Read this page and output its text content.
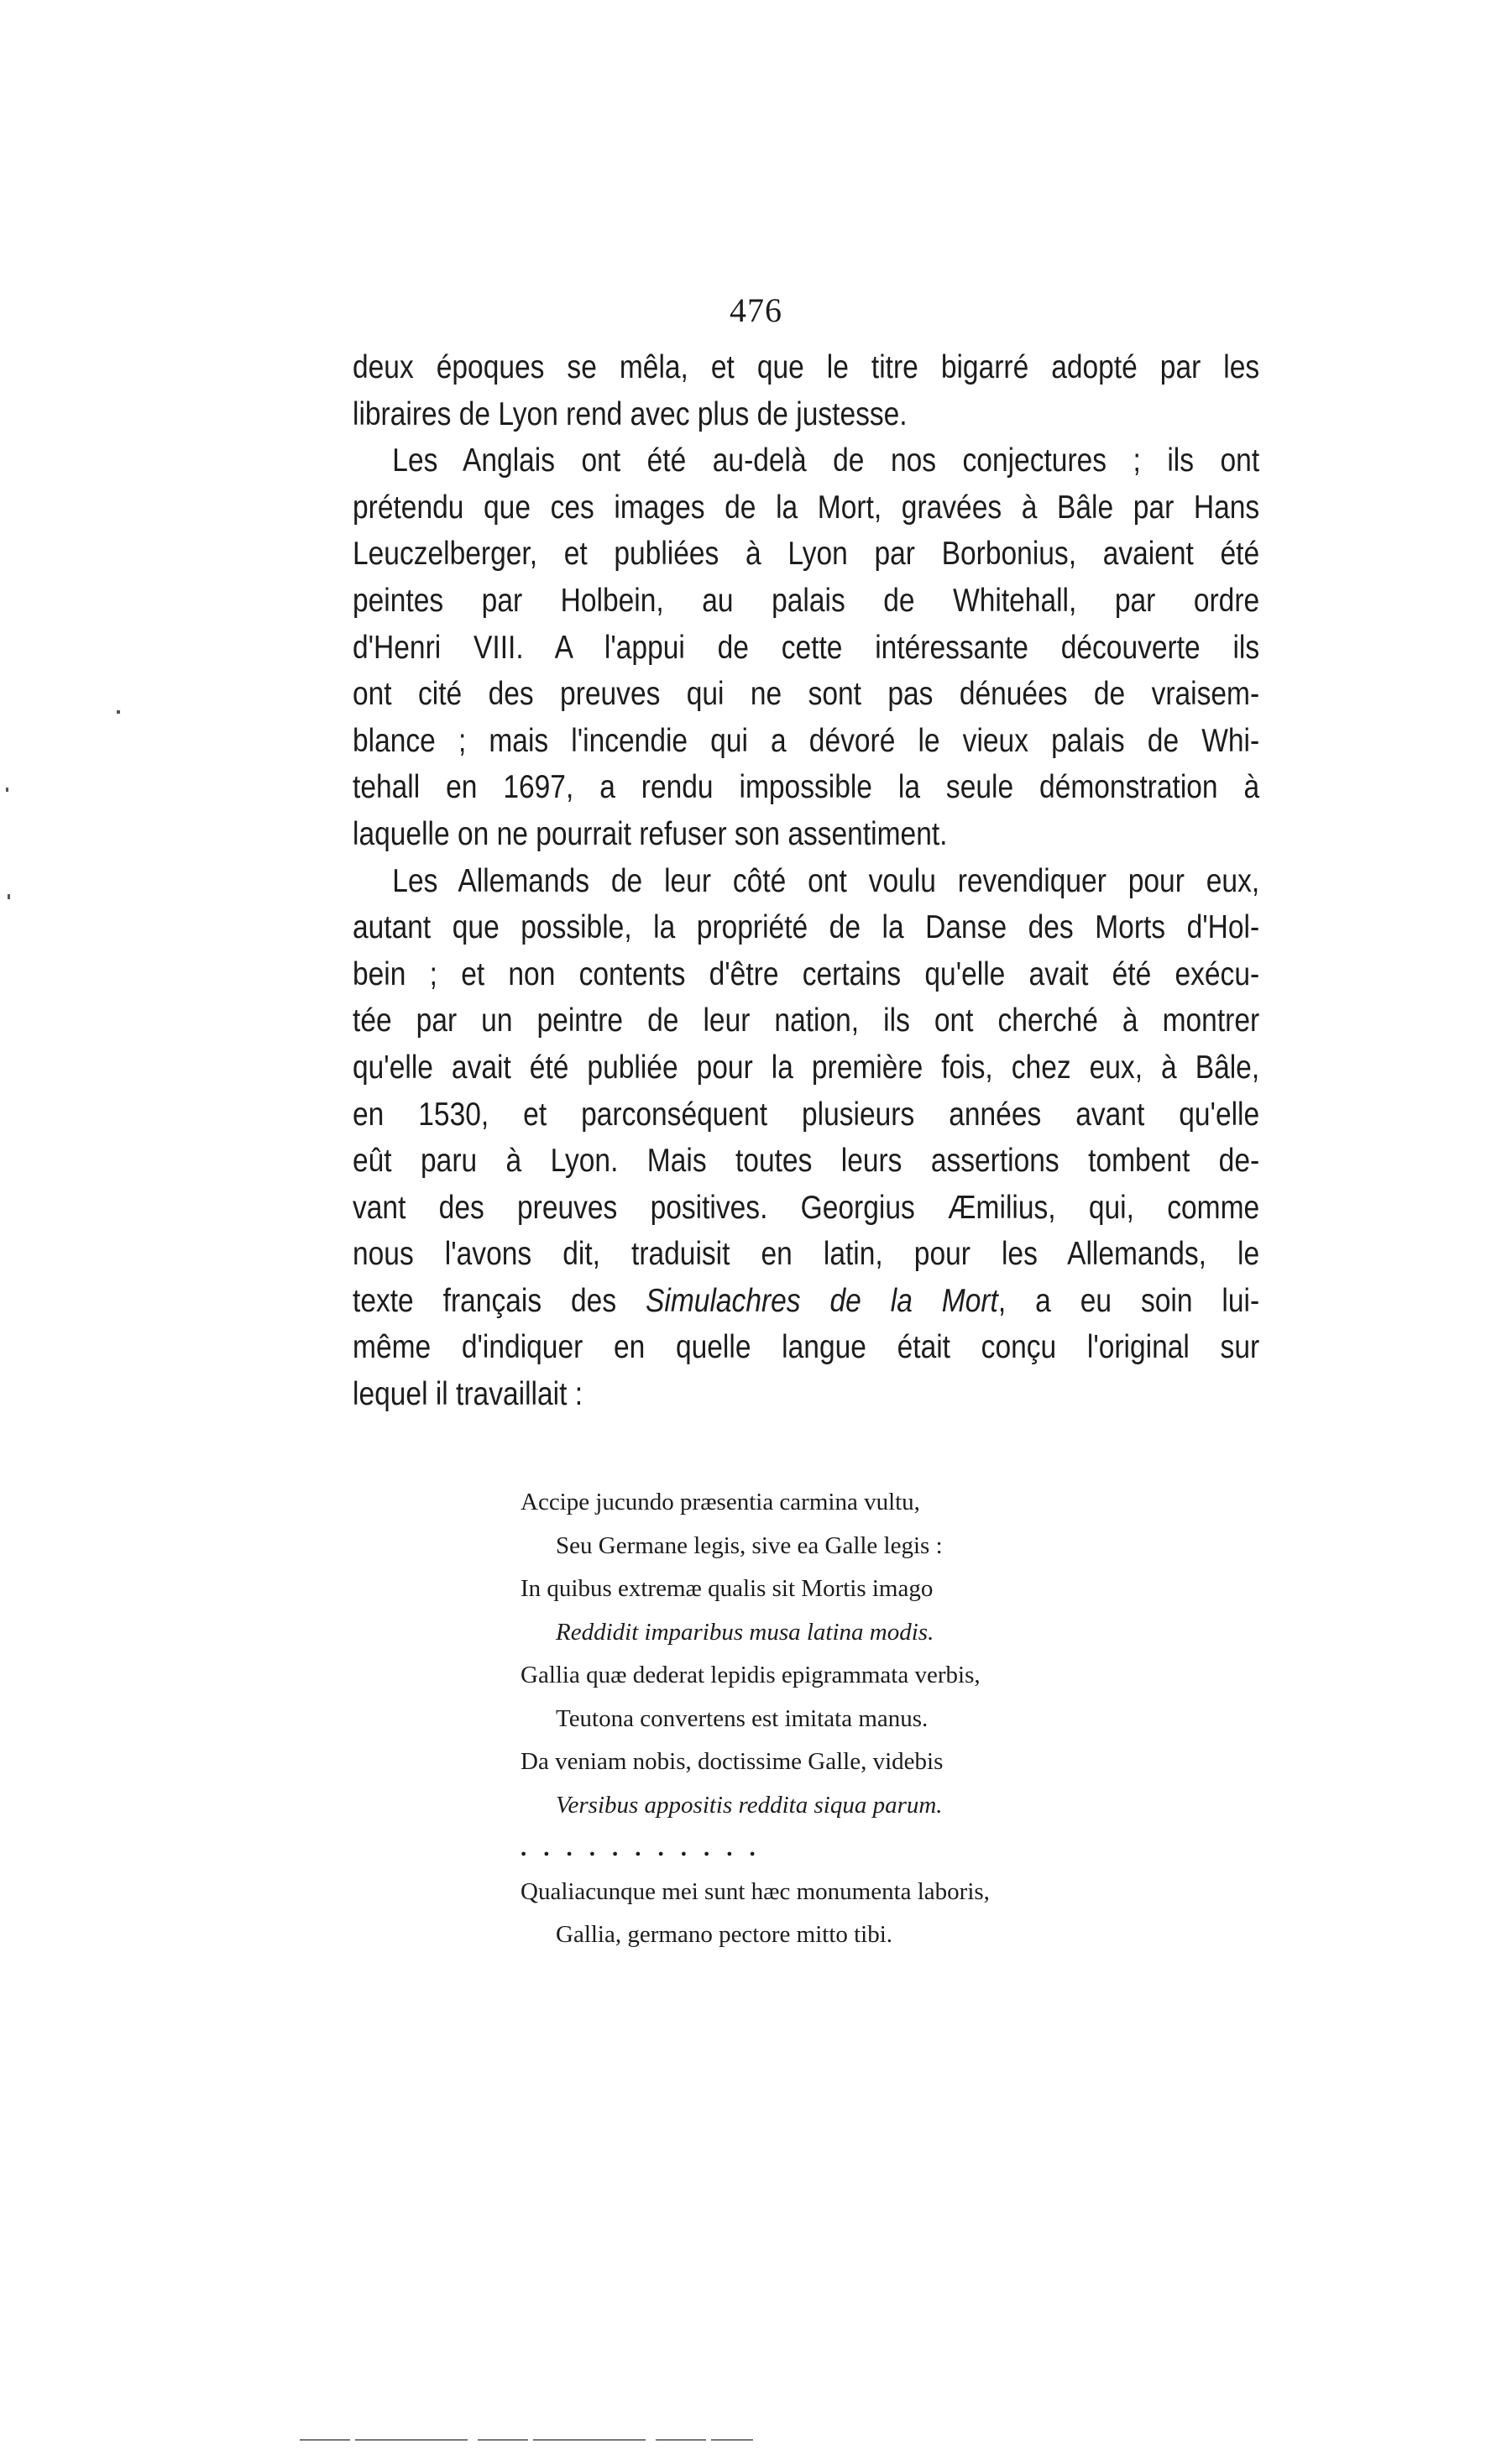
476
deux époques se mêla, et que le titre bigarré adopté par les
libraires de Lyon rend avec plus de justesse.
Les Anglais ont été au-delà de nos conjectures ; ils ont
prétendu que ces images de la Mort, gravées à Bâle par Hans
Leuczelberger, et publiées à Lyon par Borbonius, avaient été
peintes par Holbein, au palais de Whitehall, par ordre
d'Henri VIII. A l'appui de cette intéressante découverte ils
ont cité des preuves qui ne sont pas dénuées de vraisem-
blance ; mais l'incendie qui a dévoré le vieux palais de Whi-
tehall en 1697, a rendu impossible la seule démonstration à
laquelle on ne pourrait refuser son assentiment.
Les Allemands de leur côté ont voulu revendiquer pour eux,
autant que possible, la propriété de la Danse des Morts d'Hol-
bein ; et non contents d'être certains qu'elle avait été exécu-
tée par un peintre de leur nation, ils ont cherché à montrer
qu'elle avait été publiée pour la première fois, chez eux, à Bâle,
en 1530, et parconséquent plusieurs années avant qu'elle
eût paru à Lyon. Mais toutes leurs assertions tombent de-
vant des preuves positives. Georgius Æmilius, qui, comme
nous l'avons dit, traduisit en latin, pour les Allemands, le
texte français des Simulachres de la Mort, a eu soin lui-
même d'indiquer en quelle langue était conçu l'original sur
lequel il travaillait :
Accipe jucundo præsentia carmina vultu,
Seu Germane legis, sive ea Galle legis :
In quibus extremæ qualis sit Mortis imago
Reddidit imparibus musa latina modis.
Gallia quæ dederat lepidis epigrammata verbis,
Teutona convertens est imitata manus.
Da veniam nobis, doctissime Galle, videbis
Versibus appositis reddita siqua parum.
...........
Qualiacunque mei sunt hæc monumenta laboris,
Gallia, germano pectore mitto tibi.
